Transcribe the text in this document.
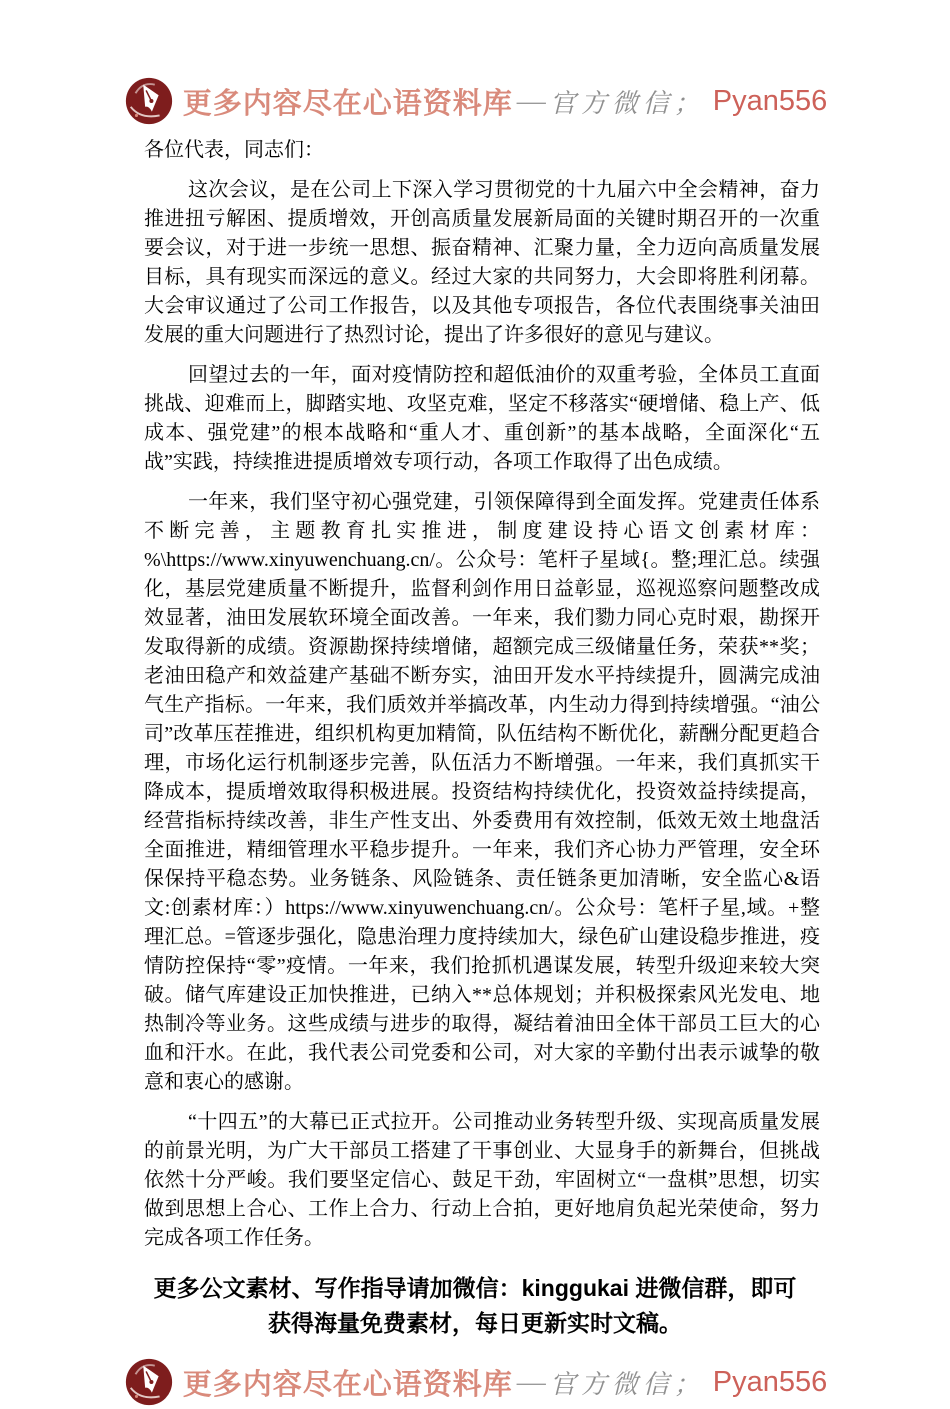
更多内容尽在心语资料库 — 官方微信； Pyan556

各位代表，同志们：

这次会议，是在公司上下深入学习贯彻党的十九届六中全会精神，奋力推进扭亏解困、提质增效，开创高质量发展新局面的关键时期召开的一次重要会议，对于进一步统一思想、振奋精神、汇聚力量，全力迈向高质量发展目标，具有现实而深远的意义。经过大家的共同努力，大会即将胜利闭幕。大会审议通过了公司工作报告，以及其他专项报告，各位代表围绕事关油田发展的重大问题进行了热烈讨论，提出了许多很好的意见与建议。

回望过去的一年，面对疫情防控和超低油价的双重考验，全体员工直面挑战、迎难而上，脚踏实地、攻坚克难，坚定不移落实“硬增储、稳上产、低成本、强党建”的根本战略和“重人才、重创新”的基本战略，全面深化“五战”实践，持续推进提质增效专项行动，各项工作取得了出色成绩。

一年来，我们坚守初心强党建，引领保障得到全面发挥。党建责任体系不断完善，主题教育扎实推进，制度建设持心语文创素材库：%\https://www.xinyuwenchuang.cn/。公众号：笔杆子星域{。整;理汇总。续强化，基层党建质量不断提升，监督利剑作用日益彰显，巡视巡察问题整改成效显著，油田发展软环境全面改善。一年来，我们勠力同心克时艰，勘探开发取得新的成绩。资源勘探持续增储，超额完成三级储量任务，荣获**奖；老油田稳产和效益建产基础不断夯实，油田开发水平持续提升，圆满完成油气生产指标。一年来，我们质效并举搞改革，内生动力得到持续增强。“油公司”改革压茬推进，组织机构更加精简，队伍结构不断优化，薪酬分配更趋合理，市场化运行机制逐步完善，队伍活力不断增强。一年来，我们真抓实干降成本，提质增效取得积极进展。投资结构持续优化，投资效益持续提高，经营指标持续改善，非生产性支出、外委费用有效控制，低效无效土地盘活全面推进，精细管理水平稳步提升。一年来，我们齐心协力严管理，安全环保保持平稳态势。业务链条、风险链条、责任链条更加清晰，安全监心&语文:创素材库：）https://www.xinyuwenchuang.cn/。公众号：笔杆子星,域。+整理汇总。=管逐步强化，隐患治理力度持续加大，绿色矿山建设稳步推进，疫情防控保持“零”疫情。一年来，我们抢抓机遇谋发展，转型升级迎来较大突破。储气库建设正加快推进，已纳入**总体规划；并积极探索风光发电、地热制冷等业务。这些成绩与进步的取得，凝结着油田全体干部员工巨大的心血和汗水。在此，我代表公司党委和公司，对大家的辛勤付出表示诚挚的敬意和衷心的感谢。

“十四五”的大幕已正式拉开。公司推动业务转型升级、实现高质量发展的前景光明，为广大干部员工搭建了干事创业、大显身手的新舞台，但挑战依然十分严峻。我们要坚定信心、鼓足干劲，牢固树立“一盘棋”思想，切实做到思想上合心、工作上合力、行动上合拍，更好地肩负起光荣使命，努力完成各项工作任务。

更多公文素材、写作指导请加微信：kinggukai 进微信群，即可
获得海量免费素材，每日更新实时文稿。
更多内容尽在心语资料库 — 官方微信； Pyan556
